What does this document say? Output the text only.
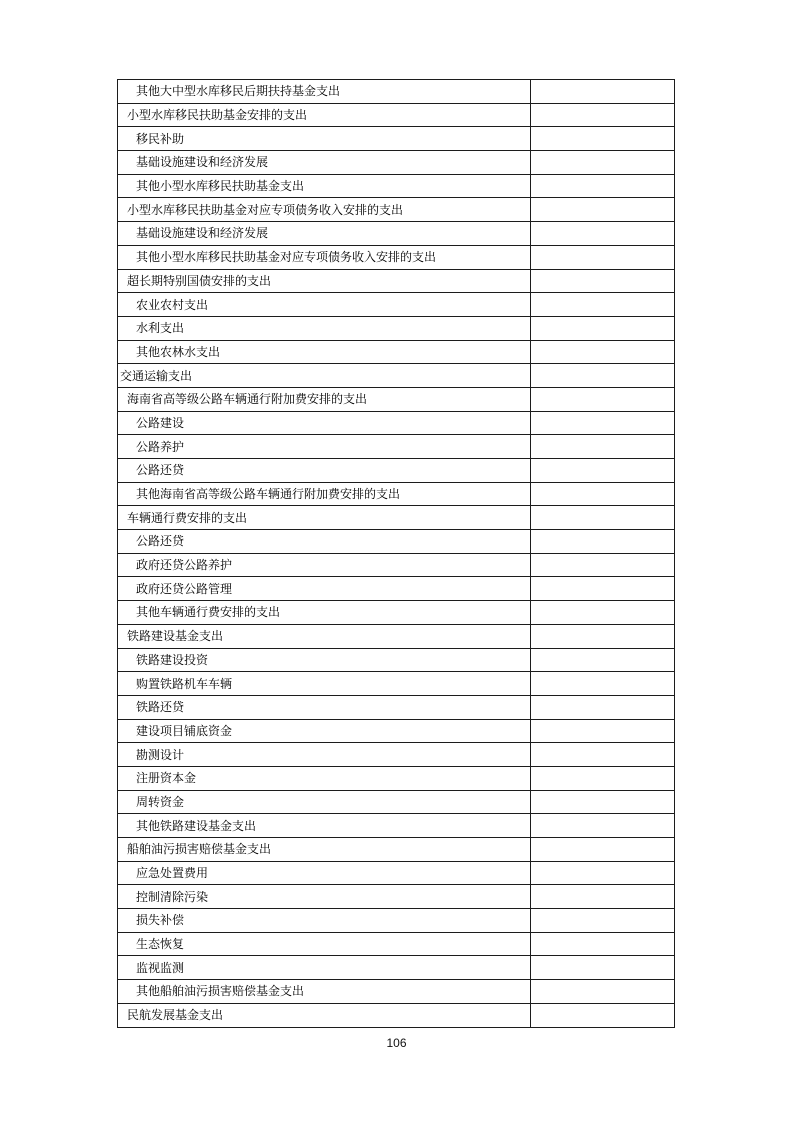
其他大中型水库移民后期扶持基金支出	
小型水库移民扶助基金安排的支出	
移民补助	
基础设施建设和经济发展	
其他小型水库移民扶助基金支出	
小型水库移民扶助基金对应专项债务收入安排的支出	
基础设施建设和经济发展	
其他小型水库移民扶助基金对应专项债务收入安排的支出	
超长期特别国债安排的支出	
农业农村支出	
水利支出	
其他农林水支出	
交通运输支出	
海南省高等级公路车辆通行附加费安排的支出	
公路建设	
公路养护	
公路还贷	
其他海南省高等级公路车辆通行附加费安排的支出	
车辆通行费安排的支出	
公路还贷	
政府还贷公路养护	
政府还贷公路管理	
其他车辆通行费安排的支出	
铁路建设基金支出	
铁路建设投资	
购置铁路机车车辆	
铁路还贷	
建设项目铺底资金	
勘测设计	
注册资本金	
周转资金	
其他铁路建设基金支出	
船舶油污损害赔偿基金支出	
应急处置费用	
控制清除污染	
损失补偿	
生态恢复	
监视监测	
其他船舶油污损害赔偿基金支出	
民航发展基金支出	
106
